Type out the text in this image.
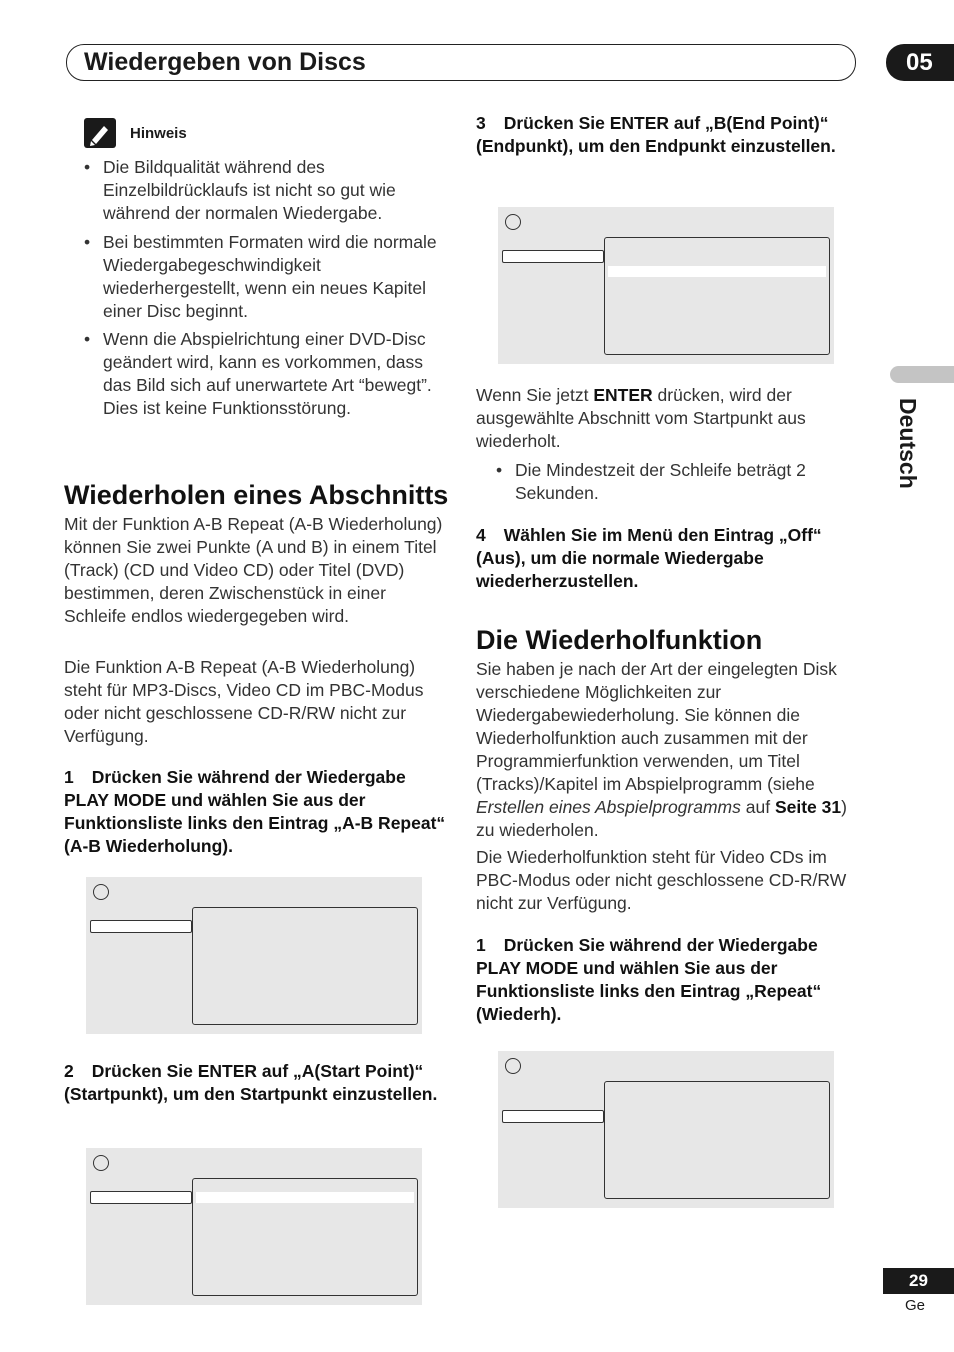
Wiedergeben von Discs	05
Deutsch
Hinweis
• Die Bildqualität während des Einzelbildrücklaufs ist nicht so gut wie während der normalen Wiedergabe.
• Bei bestimmten Formaten wird die normale Wiedergabegeschwindigkeit wiederhergestellt, wenn ein neues Kapitel einer Disc beginnt.
• Wenn die Abspielrichtung einer DVD-Disc geändert wird, kann es vorkommen, dass das Bild sich auf unerwartete Art “bewegt”. Dies ist keine Funktionsstörung.
Wiederholen eines Abschnitts
Mit der Funktion A-B Repeat (A-B Wiederholung) können Sie zwei Punkte (A und B) in einem Titel (Track) (CD und Video CD) oder Titel (DVD) bestimmen, deren Zwischenstück in einer Schleife endlos wiedergegeben wird.
Die Funktion A-B Repeat (A-B Wiederholung) steht für MP3-Discs, Video CD im PBC-Modus oder nicht geschlossene CD-R/RW nicht zur Verfügung.
1 Drücken Sie während der Wiedergabe PLAY MODE und wählen Sie aus der Funktionsliste links den Eintrag „A-B Repeat“ (A-B Wiederholung).
2 Drücken Sie ENTER auf „A(Start Point)“ (Startpunkt), um den Startpunkt einzustellen.
3 Drücken Sie ENTER auf „B(End Point)“ (Endpunkt), um den Endpunkt einzustellen.
Wenn Sie jetzt ENTER drücken, wird der ausgewählte Abschnitt vom Startpunkt aus wiederholt.
• Die Mindestzeit der Schleife beträgt 2 Sekunden.
4 Wählen Sie im Menü den Eintrag „Off“ (Aus), um die normale Wiedergabe wiederherzustellen.
Die Wiederholfunktion
Sie haben je nach der Art der eingelegten Disk verschiedene Möglichkeiten zur Wiedergabewiederholung. Sie können die Wiederholfunktion auch zusammen mit der Programmierfunktion verwenden, um Titel (Tracks)/Kapitel im Abspielprogramm (siehe Erstellen eines Abspielprogramms auf Seite 31) zu wiederholen.
Die Wiederholfunktion steht für Video CDs im PBC-Modus oder nicht geschlossene CD-R/RW nicht zur Verfügung.
1 Drücken Sie während der Wiedergabe PLAY MODE und wählen Sie aus der Funktionsliste links den Eintrag „Repeat“ (Wiederh).
29
Ge
